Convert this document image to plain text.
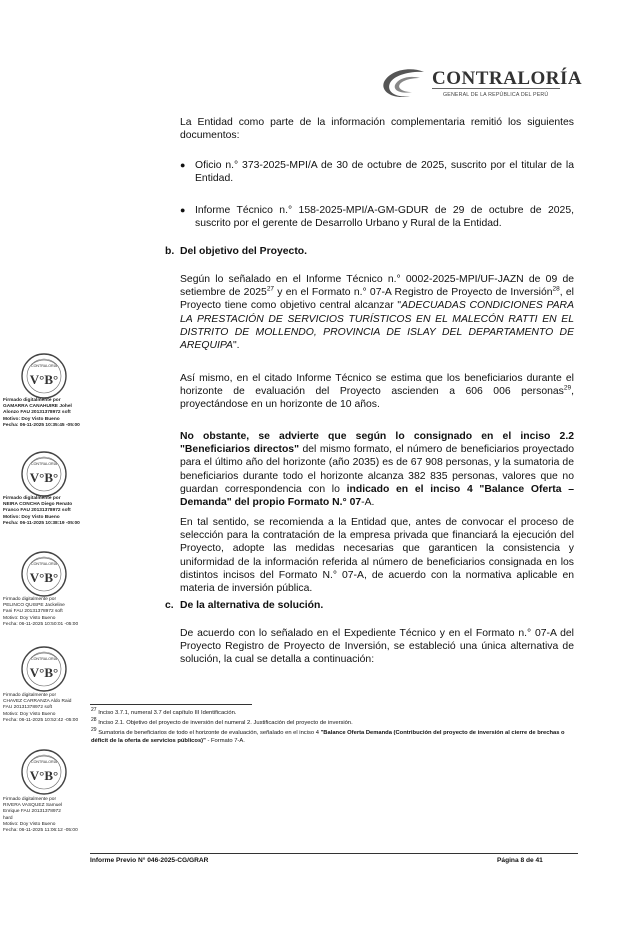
CONTRALORÍA
GENERAL DE LA REPÚBLICA DEL PERÚ
La Entidad como parte de la información complementaria remitió los siguientes documentos:
● Oficio n.° 373-2025-MPI/A de 30 de octubre de 2025, suscrito por el titular de la Entidad.
● Informe Técnico n.° 158-2025-MPI/A-GM-GDUR de 29 de octubre de 2025, suscrito por el gerente de Desarrollo Urbano y Rural de la Entidad.
b. Del objetivo del Proyecto.
Según lo señalado en el Informe Técnico n.° 0002-2025-MPI/UF-JAZN de 09 de setiembre de 2025$^{27}$ y en el Formato n.° 07-A Registro de Proyecto de Inversión$^{28}$, el Proyecto tiene como objetivo central alcanzar "ADECUADAS CONDICIONES PARA LA PRESTACIÓN DE SERVICIOS TURÍSTICOS EN EL MALECÓN RATTI EN EL DISTRITO DE MOLLENDO, PROVINCIA DE ISLAY DEL DEPARTAMENTO DE AREQUIPA".
Así mismo, en el citado Informe Técnico se estima que los beneficiarios durante el horizonte de evaluación del Proyecto ascienden a 606 006 personas$^{29}$, proyectándose en un horizonte de 10 años.
No obstante, se advierte que según lo consignado en el inciso 2.2 "Beneficiarios directos" del mismo formato, el número de beneficiarios proyectado para el último año del horizonte (año 2035) es de 67 908 personas, y la sumatoria de beneficiarios durante todo el horizonte alcanza 382 835 personas, valores que no guardan correspondencia con lo indicado en el inciso 4 "Balance Oferta – Demanda" del propio Formato N.° 07-A.
En tal sentido, se recomienda a la Entidad que, antes de convocar el proceso de selección para la contratación de la empresa privada que financiará la ejecución del Proyecto, adopte las medidas necesarias que garanticen la consistencia y uniformidad de la información referida al número de beneficiarios consignada en los distintos incisos del Formato N.° 07-A, de acuerdo con la normativa aplicable en materia de inversión pública.
c. De la alternativa de solución.
De acuerdo con lo señalado en el Expediente Técnico y en el Formato n.° 07-A del Proyecto Registro de Proyecto de Inversión, se estableció una única alternativa de solución, la cual se detalla a continuación:
$^{27}$ Inciso 3.7.1, numeral 3.7 del capítulo III Identificación.
$^{28}$ Inciso 2.1. Objetivo del proyecto de inversión del numeral 2. Justificación del proyecto de inversión.
$^{29}$ Sumatoria de beneficiarios de todo el horizonte de evaluación, señalado en el inciso 4 "Balance Oferta Demanda (Contribución del proyecto de inversión al cierre de brechas o déficit de la oferta de servicios públicos)" - Formato 7-A.
CONTRALORÍA
V°B°
Firmado digitalmente por
GAMARRA CANAHUIRE Johel
Alonzo FAU 20131378972 soft
Motivo: Doy Visto Bueno
Fecha: 06-11-2025 10:35:45 -05:00
CONTRALORÍA
V°B°
Firmado digitalmente por
NEIRA CONCHA Diego Renato
Franco FAU 20131378972 soft
Motivo: Doy Visto Bueno
Fecha: 06-11-2025 10:38:19 -05:00
CONTRALORÍA
V°B°
Firmado digitalmente por
PELINCO QUISPE Jackeline
Fani FAU 20131378972 soft
Motivo: Doy Visto Bueno
Fecha: 06-11-2025 10:50:01 -05:00
CONTRALORÍA
V°B°
Firmado digitalmente por
CHAVEZ CARRANZA Aldo Raid
FAU 20131378972 soft
Motivo: Doy Visto Bueno
Fecha: 06-11-2025 10:52:42 -05:00
CONTRALORÍA
V°B°
Firmado digitalmente por
RIVERA VASQUEZ Samuel
Enrique FAU 20131378972
hard
Motivo: Doy Visto Bueno
Fecha: 06-11-2025 11:06:12 -05:00
Informe Previo N° 046-2025-CG/GRAR	Página 8 de 41
